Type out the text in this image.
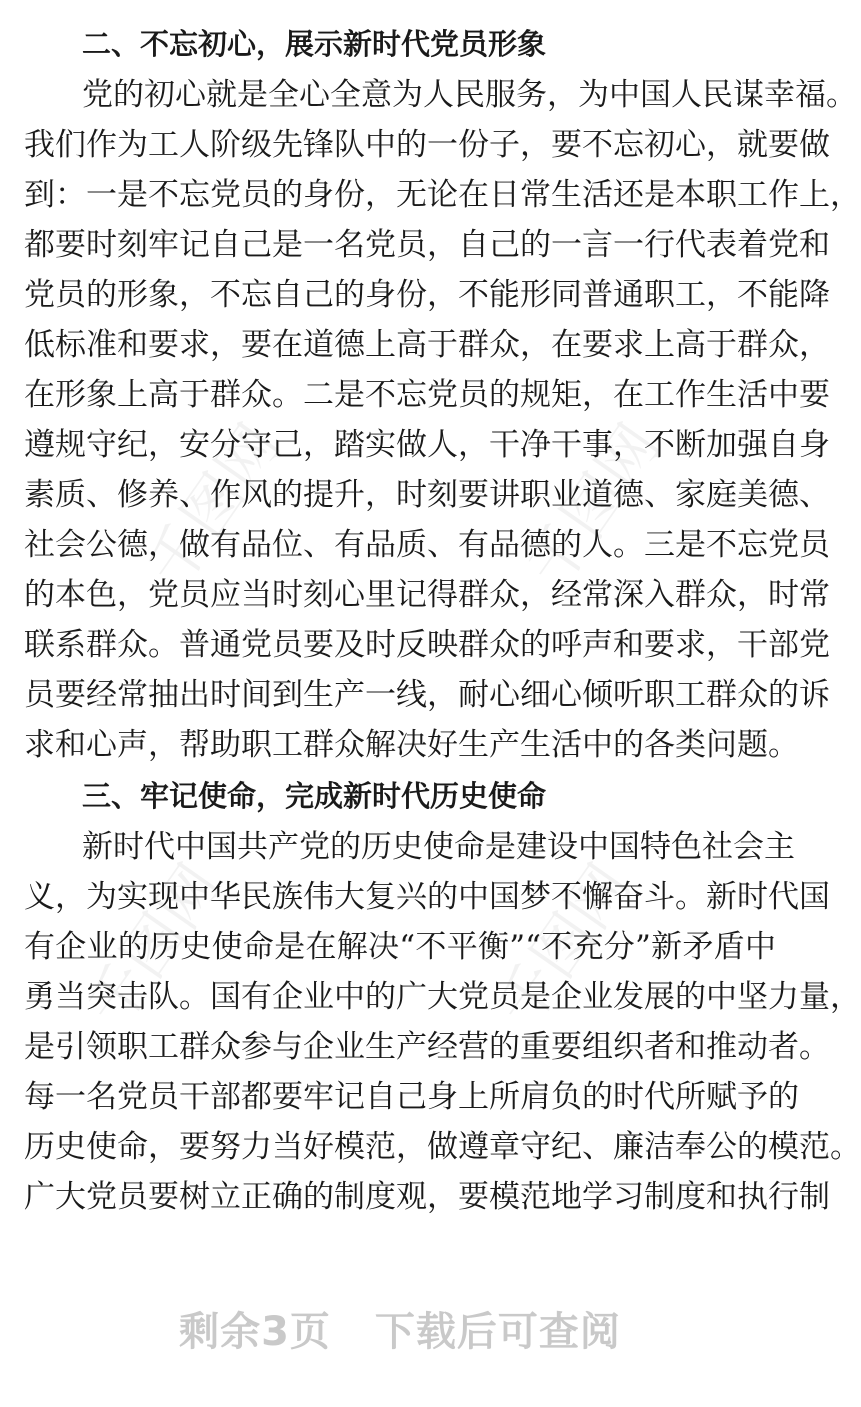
千图网	千图网
千图网	千图网
二、不忘初心，展示新时代党员形象
党的初心就是全心全意为人民服务，为中国人民谋幸福。
我们作为工人阶级先锋队中的一份子，要不忘初心，就要做
到：一是不忘党员的身份，无论在日常生活还是本职工作上，
都要时刻牢记自己是一名党员，自己的一言一行代表着党和
党员的形象，不忘自己的身份，不能形同普通职工，不能降
低标准和要求，要在道德上高于群众，在要求上高于群众，
在形象上高于群众。二是不忘党员的规矩，在工作生活中要
遵规守纪，安分守己，踏实做人，干净干事，不断加强自身
素质、修养、作风的提升，时刻要讲职业道德、家庭美德、
社会公德，做有品位、有品质、有品德的人。三是不忘党员
的本色，党员应当时刻心里记得群众，经常深入群众，时常
联系群众。普通党员要及时反映群众的呼声和要求，干部党
员要经常抽出时间到生产一线，耐心细心倾听职工群众的诉
求和心声，帮助职工群众解决好生产生活中的各类问题。
三、牢记使命，完成新时代历史使命
新时代中国共产党的历史使命是建设中国特色社会主
义，为实现中华民族伟大复兴的中国梦不懈奋斗。新时代国
有企业的历史使命是在解决“不平衡”“不充分”新矛盾中
勇当突击队。国有企业中的广大党员是企业发展的中坚力量，
是引领职工群众参与企业生产经营的重要组织者和推动者。
每一名党员干部都要牢记自己身上所肩负的时代所赋予的
历史使命，要努力当好模范，做遵章守纪、廉洁奉公的模范。
广大党员要树立正确的制度观，要模范地学习制度和执行制
剩余3页 下载后可查阅
